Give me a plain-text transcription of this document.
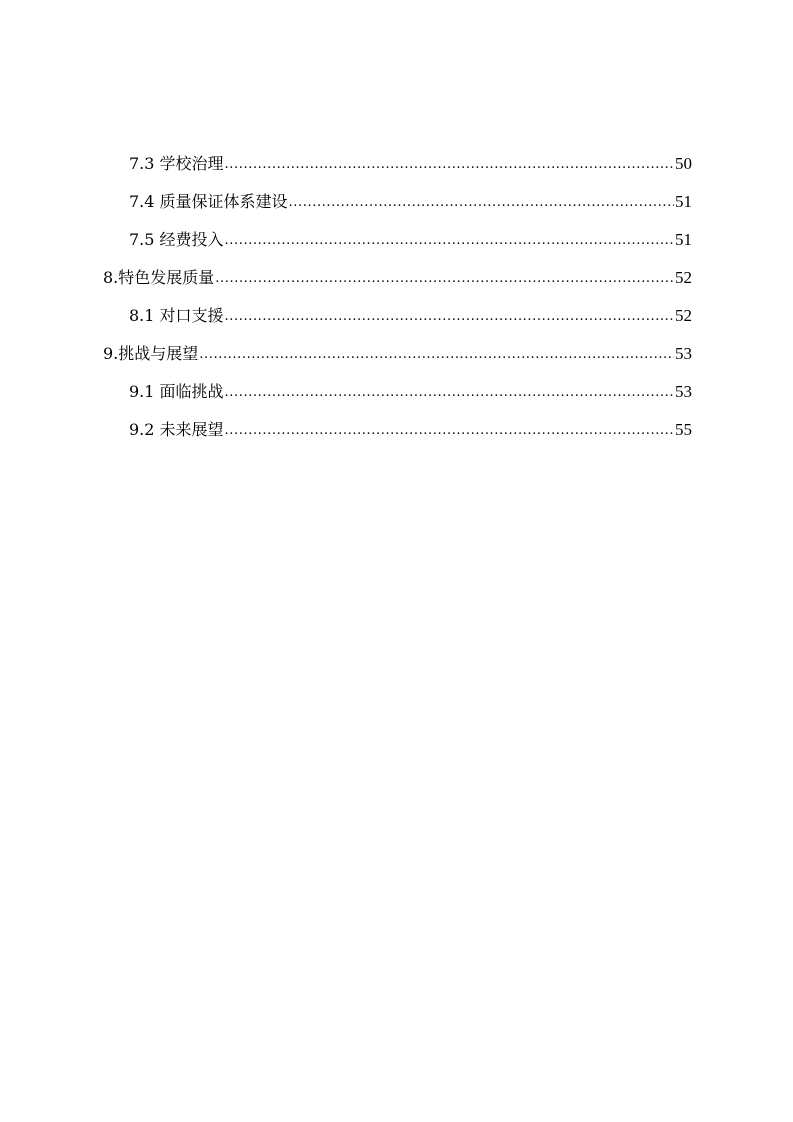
7.3 学校治理 .....	50
7.4 质量保证体系建设 .....	51
7.5 经费投入 .....	51
8.特色发展质量 .....	52
8.1 对口支援 .....	52
9.挑战与展望 .....	53
9.1 面临挑战 .....	53
9.2 未来展望 .....	55
